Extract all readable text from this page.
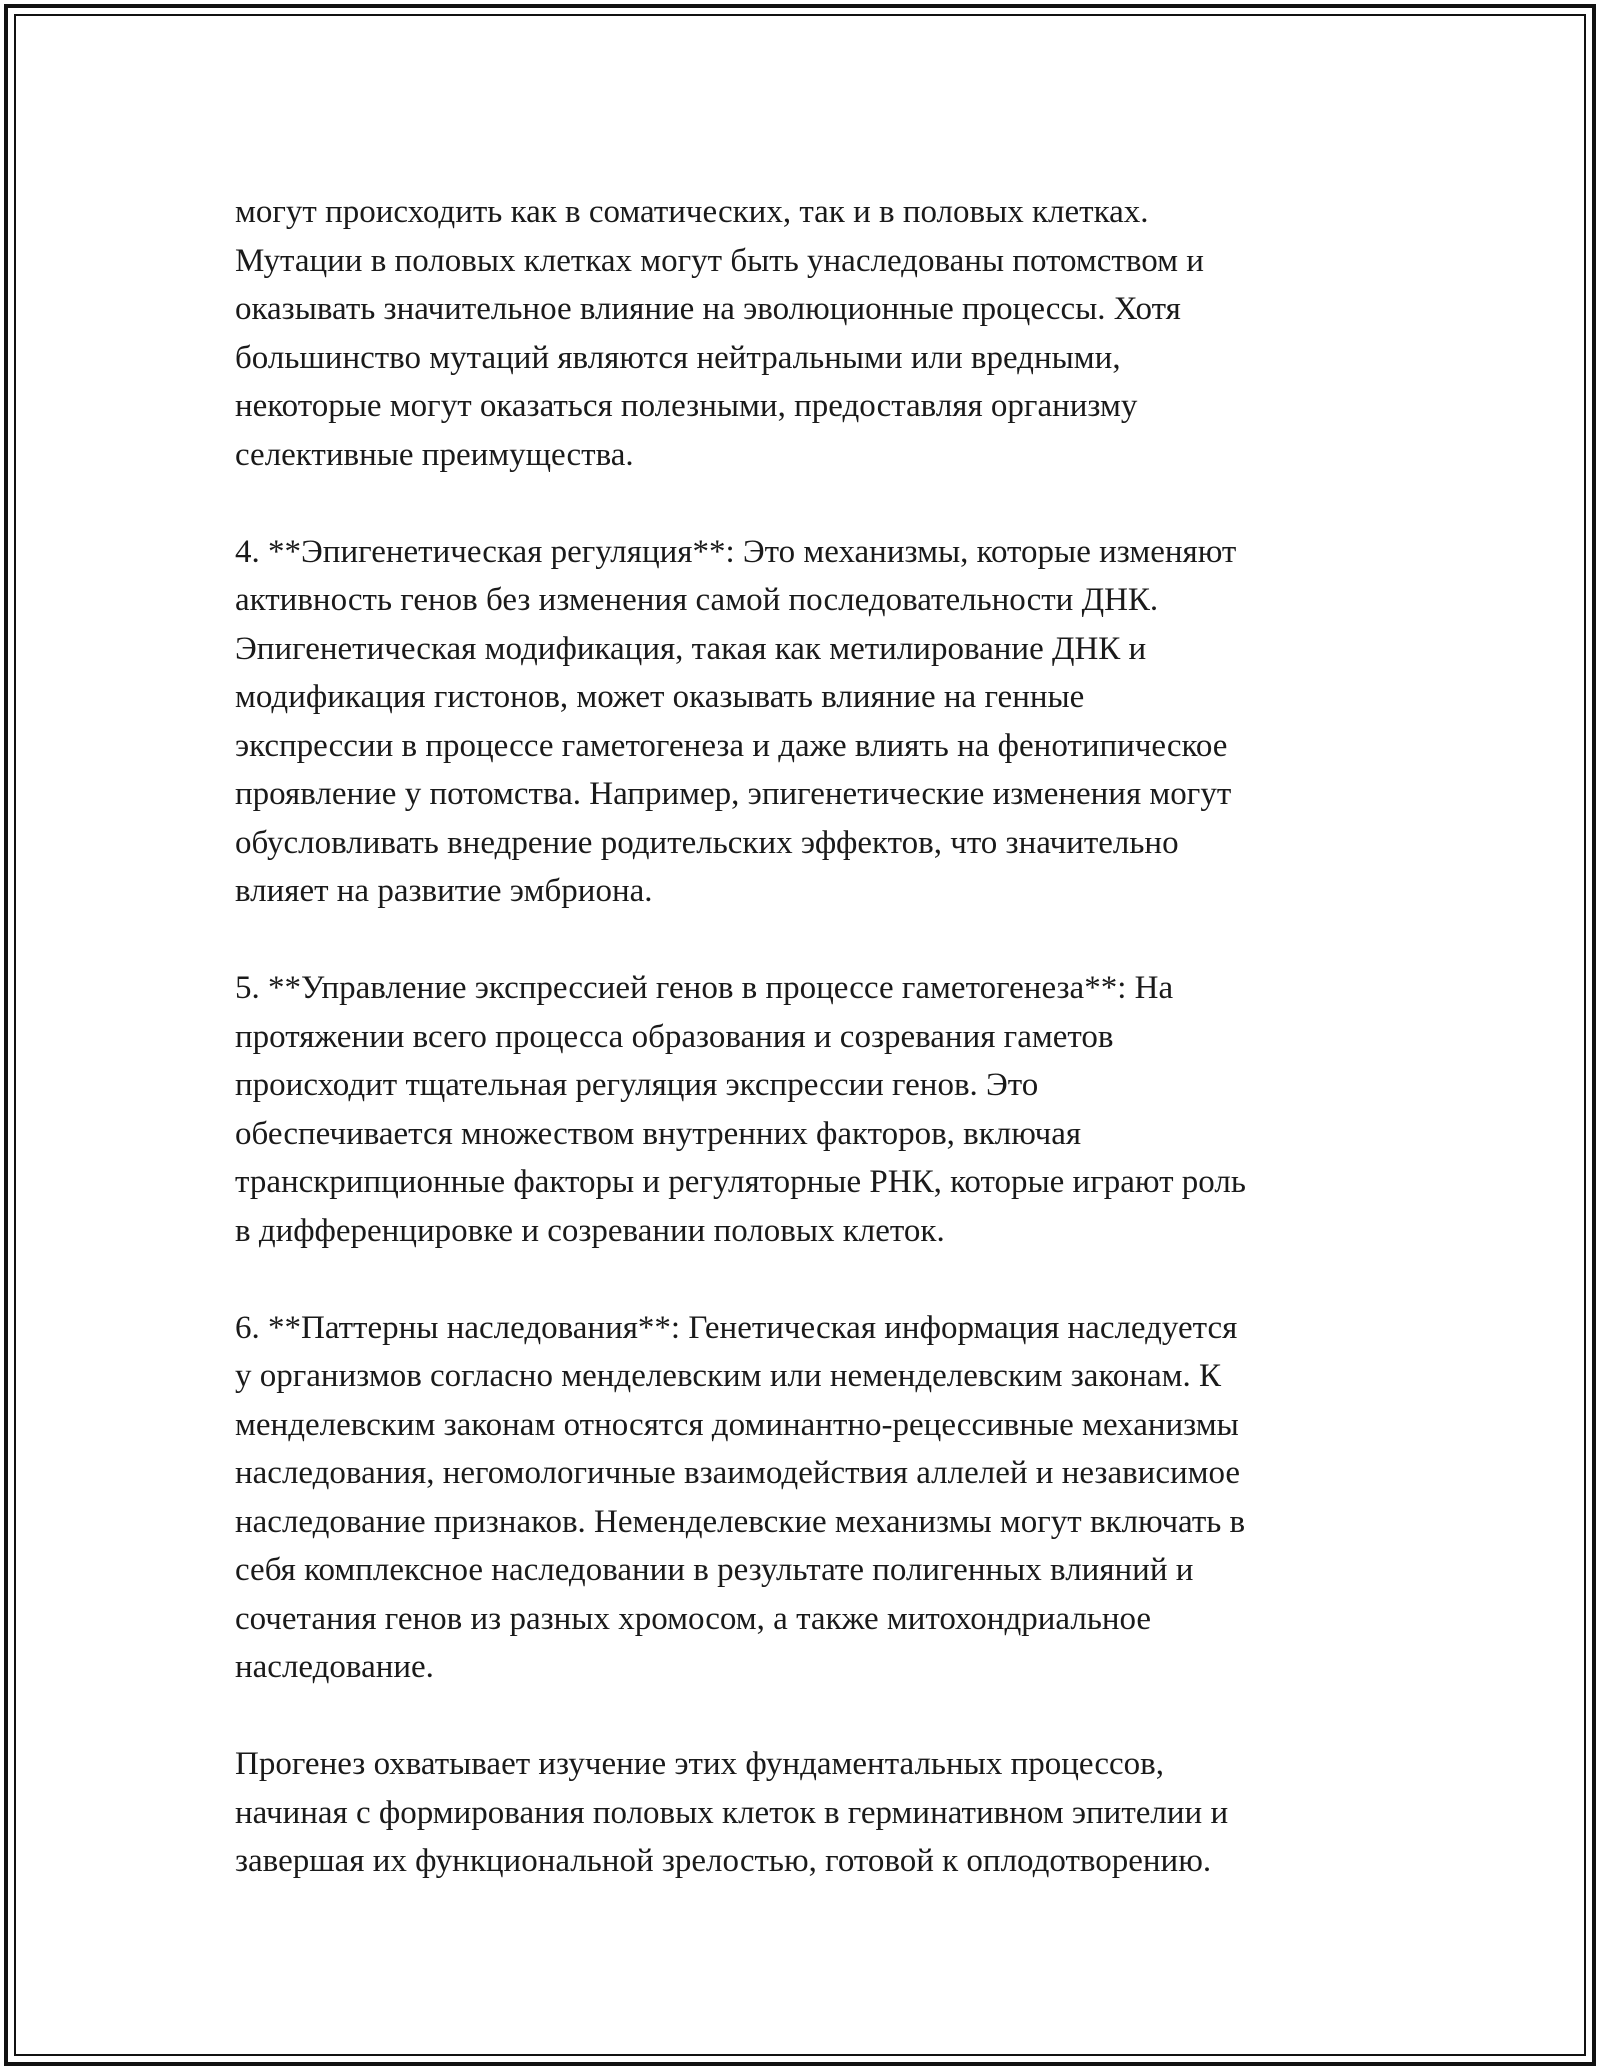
могут происходить как в соматических, так и в половых клетках.
Мутации в половых клетках могут быть унаследованы потомством и
оказывать значительное влияние на эволюционные процессы. Хотя
большинство мутаций являются нейтральными или вредными,
некоторые могут оказаться полезными, предоставляя организму
селективные преимущества.

4. **Эпигенетическая регуляция**: Это механизмы, которые изменяют
активность генов без изменения самой последовательности ДНК.
Эпигенетическая модификация, такая как метилирование ДНК и
модификация гистонов, может оказывать влияние на генные
экспрессии в процессе гаметогенеза и даже влиять на фенотипическое
проявление у потомства. Например, эпигенетические изменения могут
обусловливать внедрение родительских эффектов, что значительно
влияет на развитие эмбриона.

5. **Управление экспрессией генов в процессе гаметогенеза**: На
протяжении всего процесса образования и созревания гаметов
происходит тщательная регуляция экспрессии генов. Это
обеспечивается множеством внутренних факторов, включая
транскрипционные факторы и регуляторные РНК, которые играют роль
в дифференцировке и созревании половых клеток.

6. **Паттерны наследования**: Генетическая информация наследуется
у организмов согласно менделевским или неменделевским законам. К
менделевским законам относятся доминантно-рецессивные механизмы
наследования, негомологичные взаимодействия аллелей и независимое
наследование признаков. Неменделевские механизмы могут включать в
себя комплексное наследовании в результате полигенных влияний и
сочетания генов из разных хромосом, а также митохондриальное
наследование.

Прогенез охватывает изучение этих фундаментальных процессов,
начиная с формирования половых клеток в герминативном эпителии и
завершая их функциональной зрелостью, готовой к оплодотворению.
